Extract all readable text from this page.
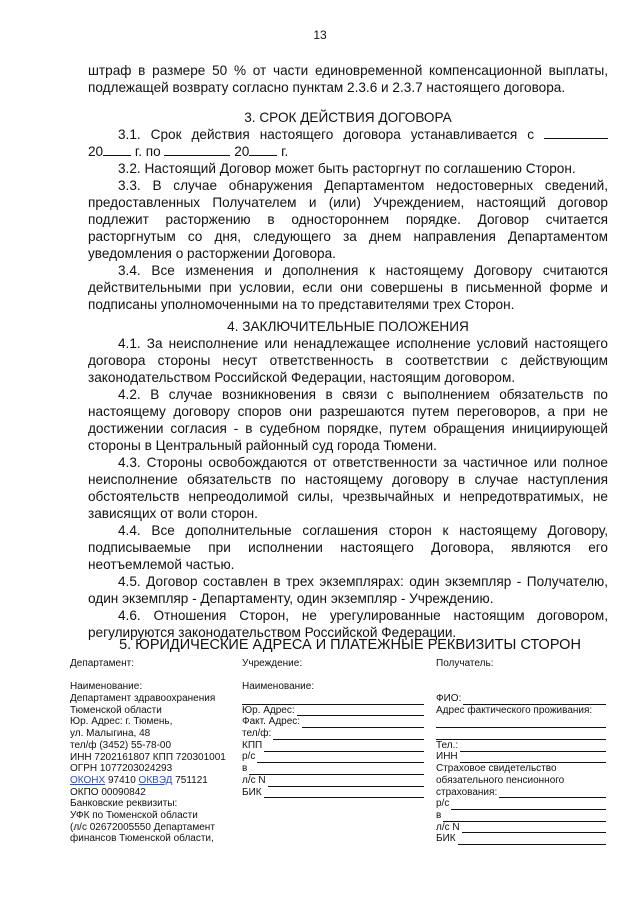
13

штраф в размере 50 % от части единовременной компенсационной выплаты, подлежащей возврату согласно пунктам 2.3.6 и 2.3.7 настоящего договора.

3. СРОК ДЕЙСТВИЯ ДОГОВОРА

3.1. Срок действия настоящего договора устанавливается с

20 г. по	20 г.

3.2. Настоящий Договор может быть расторгнут по соглашению Сторон.

3.3. В случае обнаружения Департаментом недостоверных сведений, предоставленных Получателем и (или) Учреждением, настоящий договор подлежит расторжению в одностороннем порядке. Договор считается расторгнутым со дня, следующего за днем направления Департаментом уведомления о расторжении Договора.

3.4. Все изменения и дополнения к настоящему Договору считаются действительными при условии, если они совершены в письменной форме и подписаны уполномоченными на то представителями трех Сторон.

4. ЗАКЛЮЧИТЕЛЬНЫЕ ПОЛОЖЕНИЯ

4.1. За неисполнение или ненадлежащее исполнение условий настоящего договора стороны несут ответственность в соответствии с действующим законодательством Российской Федерации, настоящим договором.

4.2. В случае возникновения в связи с выполнением обязательств по настоящему договору споров они разрешаются путем переговоров, а при не достижении согласия - в судебном порядке, путем обращения инициирующей стороны в Центральный районный суд города Тюмени.

4.3. Стороны освобождаются от ответственности за частичное или полное неисполнение обязательств по настоящему договору в случае наступления обстоятельств непреодолимой силы, чрезвычайных и непредотвратимых, не зависящих от воли сторон.

4.4. Все дополнительные соглашения сторон к настоящему Договору, подписываемые при исполнении настоящего Договора, являются его неотъемлемой частью.

4.5. Договор составлен в трех экземплярах: один экземпляр - Получателю, один экземпляр - Департаменту, один экземпляр - Учреждению.

4.6. Отношения Сторон, не урегулированные настоящим договором, регулируются законодательством Российской Федерации.

5. ЮРИДИЧЕСКИЕ АДРЕСА И ПЛАТЕЖНЫЕ РЕКВИЗИТЫ СТОРОН
Департамент:
Наименование:
Департамент здравоохранения
Тюменской области
Юр. Адрес: г. Тюмень,
ул. Малыгина, 48
тел/ф (3452) 55-78-00
ИНН 7202161807 КПП 720301001
ОГРН 1077203024293
ОКОНХ 97410 ОКВЭД 751121
ОКПО 00090842
Банковские реквизиты:
УФК по Тюменской области
(л/с 02672005550 Департамент
финансов Тюменской области,
Учреждение:
Наименование:
Юр. Адрес:
Факт. Адрес:
тел/ф:
КПП
р/с
в
л/с N
БИК
Получатель:
ФИО:
Адрес фактического проживания:
Тел.:
ИНН
Страховое свидетельство
обязательного пенсионного
страхования:
р/с
в
л/с N
БИК
